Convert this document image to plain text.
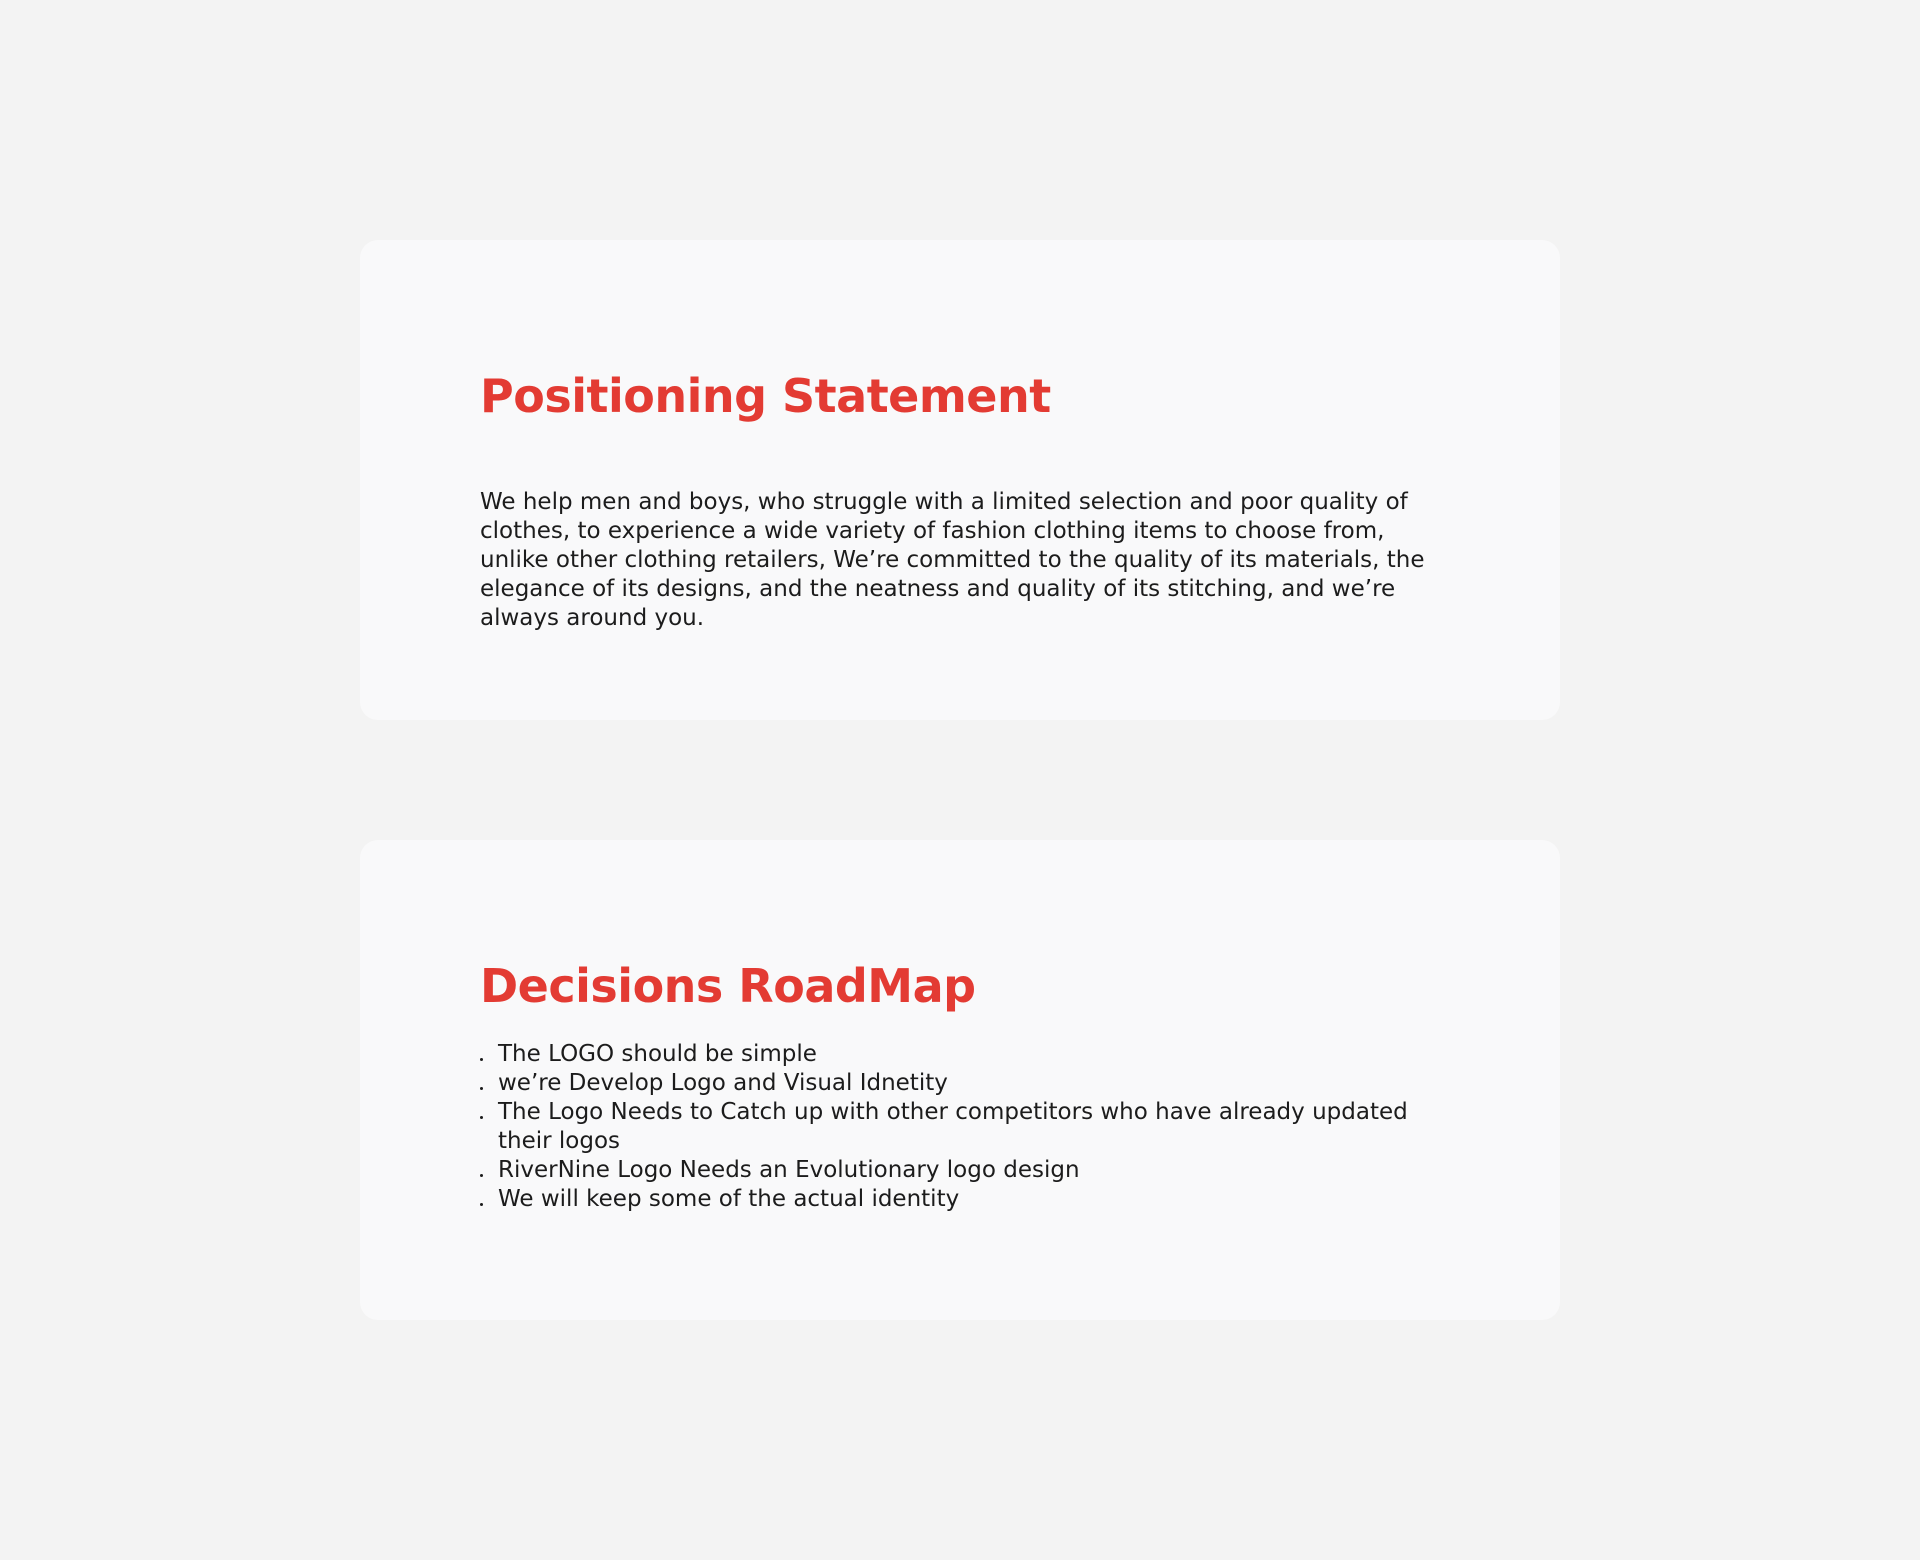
Positioning Statement

We help men and boys, who struggle with a limited selection and poor quality of clothes, to experience a wide variety of fashion clothing items to choose from, unlike other clothing retailers, We’re committed to the quality of its materials, the elegance of its designs, and the neatness and quality of its stitching, and we’re always around you.

Decisions RoadMap
The LOGO should be simple
we’re Develop Logo and Visual Idnetity
The Logo Needs to Catch up with other competitors who have already updated their logos
RiverNine Logo Needs an Evolutionary logo design
We will keep some of the actual identity
